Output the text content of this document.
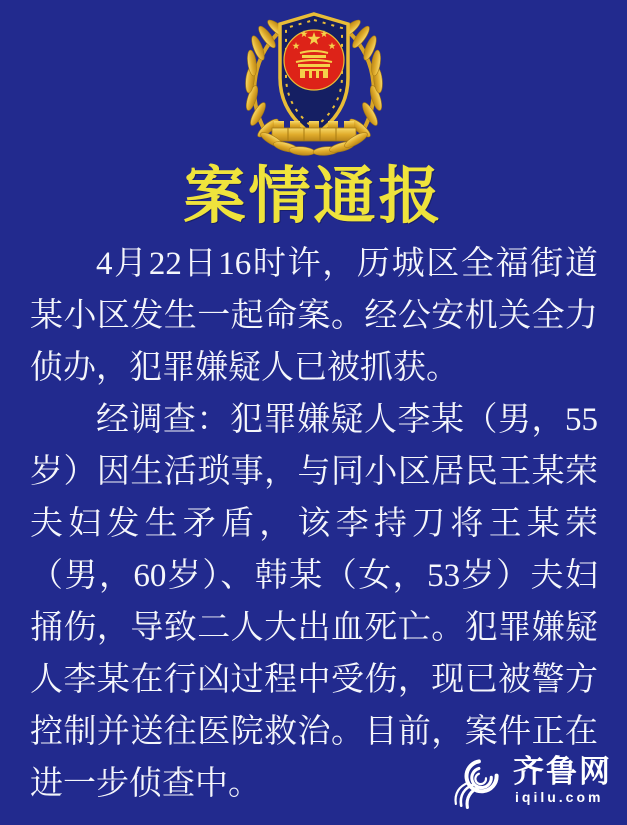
案情通报

4月22日16时许，历城区全福街道某小区发生一起命案。经公安机关全力侦办，犯罪嫌疑人已被抓获。

经调查：犯罪嫌疑人李某（男，55岁）因生活琐事，与同小区居民王某荣夫妇发生矛盾，该李持刀将王某荣（男，60岁）、韩某（女，53岁）夫妇捅伤，导致二人大出血死亡。犯罪嫌疑人李某在行凶过程中受伤，现已被警方控制并送往医院救治。目前，案件正在进一步侦查中。	齐鲁网
iqilu.com
